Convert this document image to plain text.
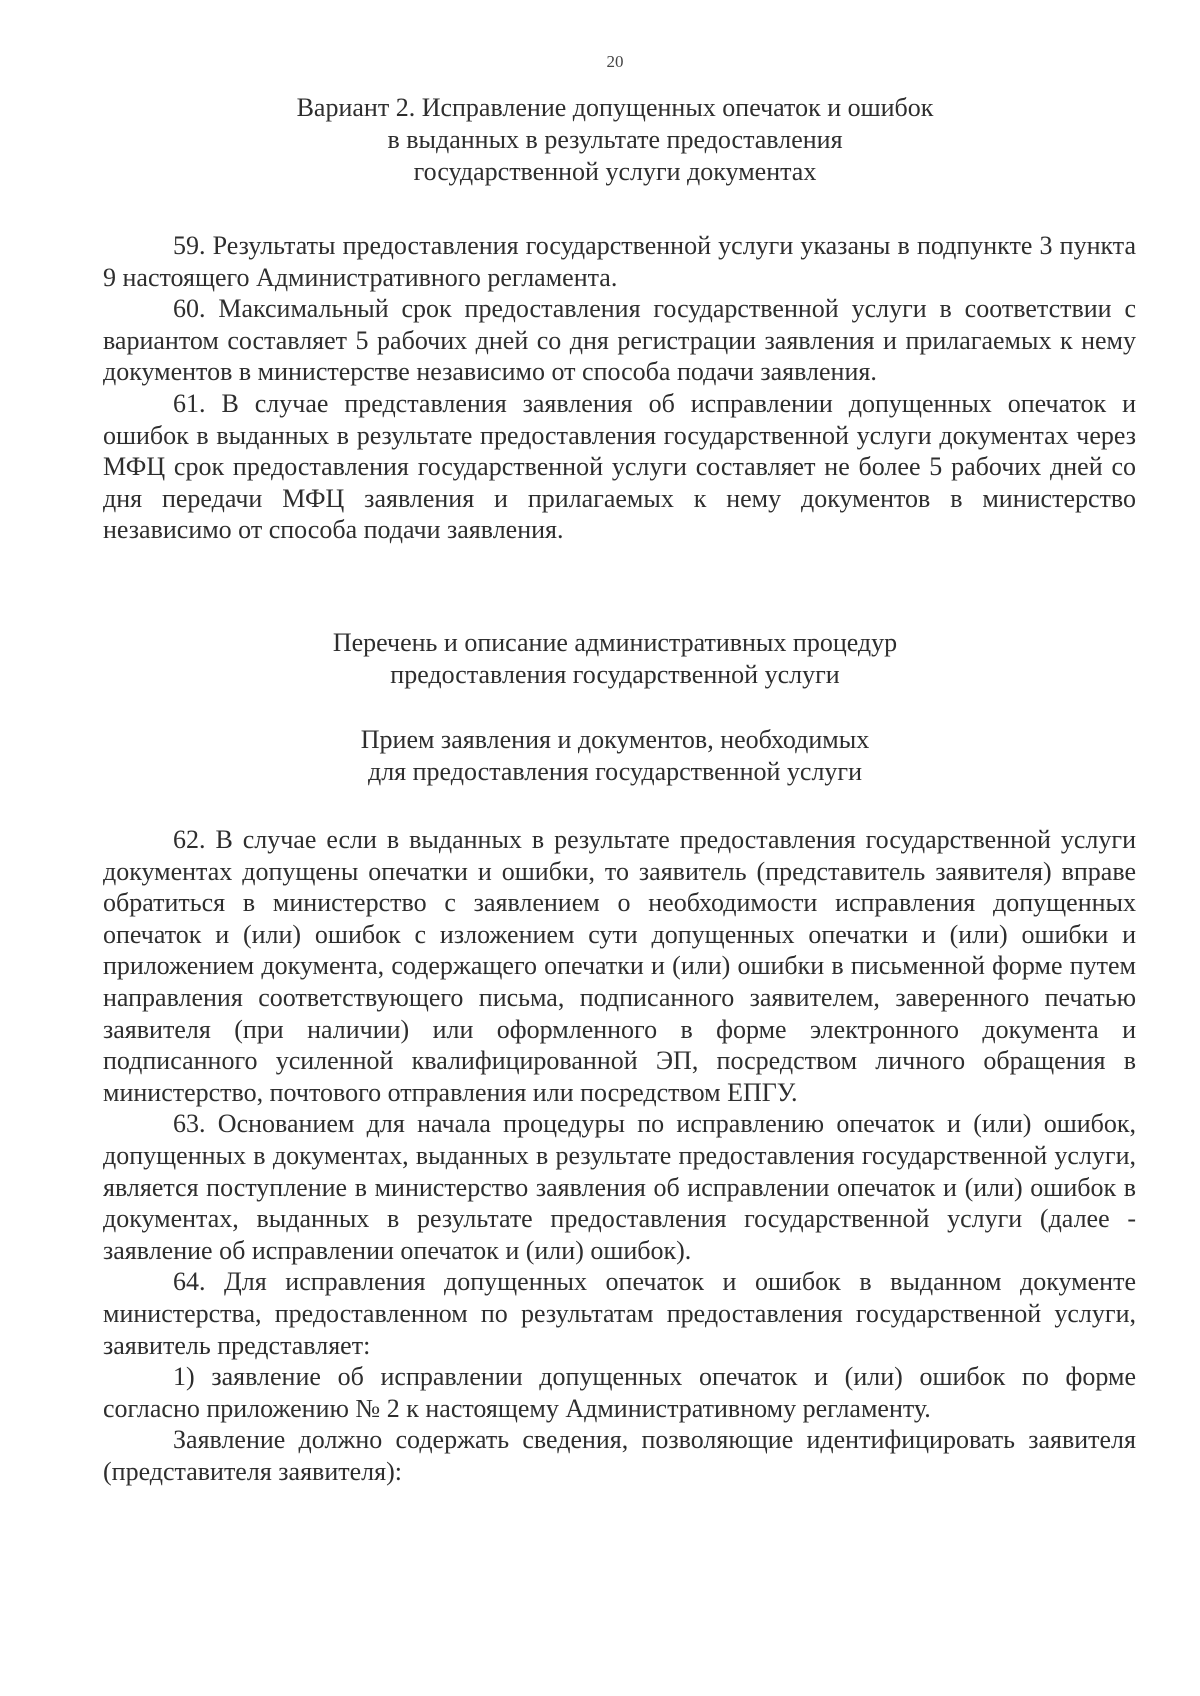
20
Вариант 2. Исправление допущенных опечаток и ошибок
в выданных в результате предоставления
государственной услуги документах

59. Результаты предоставления государственной услуги указаны в подпункте 3 пункта 9 настоящего Административного регламента.

60. Максимальный срок предоставления государственной услуги в соответствии с вариантом составляет 5 рабочих дней со дня регистрации заявления и прилагаемых к нему документов в министерстве независимо от способа подачи заявления.

61. В случае представления заявления об исправлении допущенных опечаток и ошибок в выданных в результате предоставления государственной услуги документах через МФЦ срок предоставления государственной услуги составляет не более 5 рабочих дней со дня передачи МФЦ заявления и прилагаемых к нему документов в министерство независимо от способа подачи заявления.

Перечень и описание административных процедур
предоставления государственной услуги
Прием заявления и документов, необходимых
для предоставления государственной услуги

62. В случае если в выданных в результате предоставления государственной услуги документах допущены опечатки и ошибки, то заявитель (представитель заявителя) вправе обратиться в министерство с заявлением о необходимости исправления допущенных опечаток и (или) ошибок с изложением сути допущенных опечатки и (или) ошибки и приложением документа, содержащего опечатки и (или) ошибки в письменной форме путем направления соответствующего письма, подписанного заявителем, заверенного печатью заявителя (при наличии) или оформленного в форме электронного документа и подписанного усиленной квалифицированной ЭП, посредством личного обращения в министерство, почтового отправления или посредством ЕПГУ.

63. Основанием для начала процедуры по исправлению опечаток и (или) ошибок, допущенных в документах, выданных в результате предоставления государственной услуги, является поступление в министерство заявления об исправлении опечаток и (или) ошибок в документах, выданных в результате предоставления государственной услуги (далее - заявление об исправлении опечаток и (или) ошибок).

64. Для исправления допущенных опечаток и ошибок в выданном документе министерства, предоставленном по результатам предоставления государственной услуги, заявитель представляет:

1) заявление об исправлении допущенных опечаток и (или) ошибок по форме согласно приложению № 2 к настоящему Административному регламенту.

Заявление должно содержать сведения, позволяющие идентифицировать заявителя (представителя заявителя):
